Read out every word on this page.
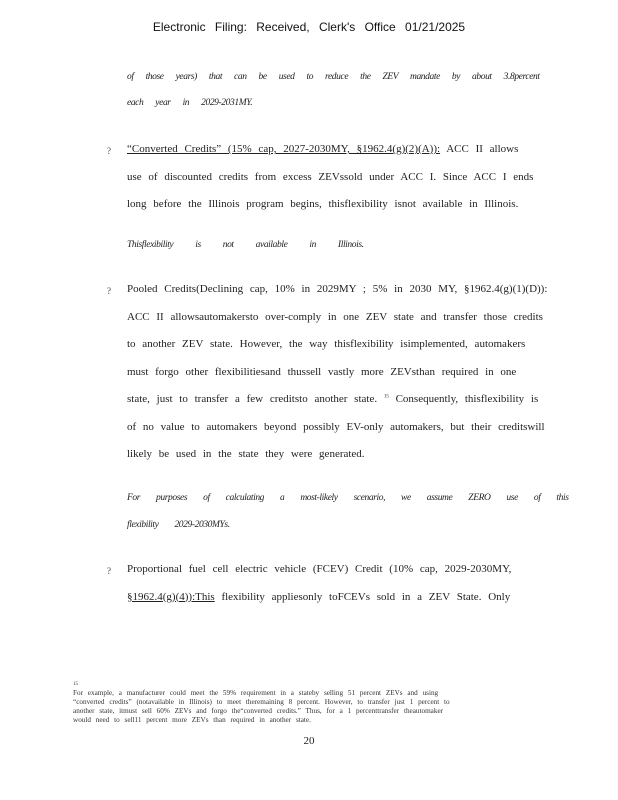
Electronic Filing: Received, Clerk's Office 01/21/2025
of those years) that can be used to reduce the ZEV mandate by about 3.8percent
each year in 2029-2031MY.
? “Converted Credits” (15% cap, 2027-2030MY, §1962.4(g)(2)(A)): ACC II allows
use of discounted credits from excess ZEVssold under ACC I. Since ACC I ends
long before the Illinois program begins, thisflexibility isnot available in Illinois.
Thisflexibility is not available in Illinois.
? Pooled Credits(Declining cap, 10% in 2029MY ; 5% in 2030 MY, §1962.4(g)(1)(D)):
ACC II allowsautomakersto over-comply in one ZEV state and transfer those credits
to another ZEV state. However, the way thisflexibility isimplemented, automakers
must forgo other flexibilitiesand thussell vastly more ZEVsthan required in one
state, just to transfer a few creditsto another state. $^{15}$ Consequently, thisflexibility is
of no value to automakers beyond possibly EV-only automakers, but their creditswill
likely be used in the state they were generated.
For purposes of calculating a most-likely scenario, we assume ZERO use of this
flexibility 2029-2030MYs.
? Proportional fuel cell electric vehicle (FCEV) Credit (10% cap, 2029-2030MY,
§1962.4(g)(4)):This flexibility appliesonly toFCEVs sold in a ZEV State. Only
15
For example, a manufacturer could meet the 59% requirement in a stateby selling 51 percent ZEVs and using
“converted credits” (notavailable in Illinois) to meet theremaining 8 percent. However, to transfer just 1 percent to
another state, itmust sell 60% ZEVs and forgo the“converted credits.” Thus, for a 1 percenttransfer theautomaker
would need to sell11 percent more ZEVs than required in another state.
20
